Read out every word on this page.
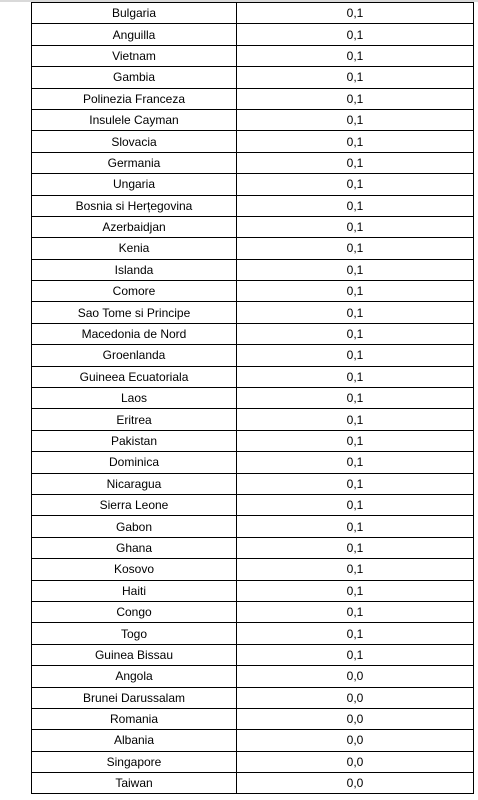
Bulgaria	0,1
Anguilla	0,1
Vietnam	0,1
Gambia	0,1
Polinezia Franceza	0,1
Insulele Cayman	0,1
Slovacia	0,1
Germania	0,1
Ungaria	0,1
Bosnia si Herțegovina	0,1
Azerbaidjan	0,1
Kenia	0,1
Islanda	0,1
Comore	0,1
Sao Tome si Principe	0,1
Macedonia de Nord	0,1
Groenlanda	0,1
Guineea Ecuatoriala	0,1
Laos	0,1
Eritrea	0,1
Pakistan	0,1
Dominica	0,1
Nicaragua	0,1
Sierra Leone	0,1
Gabon	0,1
Ghana	0,1
Kosovo	0,1
Haiti	0,1
Congo	0,1
Togo	0,1
Guinea Bissau	0,1
Angola	0,0
Brunei Darussalam	0,0
Romania	0,0
Albania	0,0
Singapore	0,0
Taiwan	0,0
